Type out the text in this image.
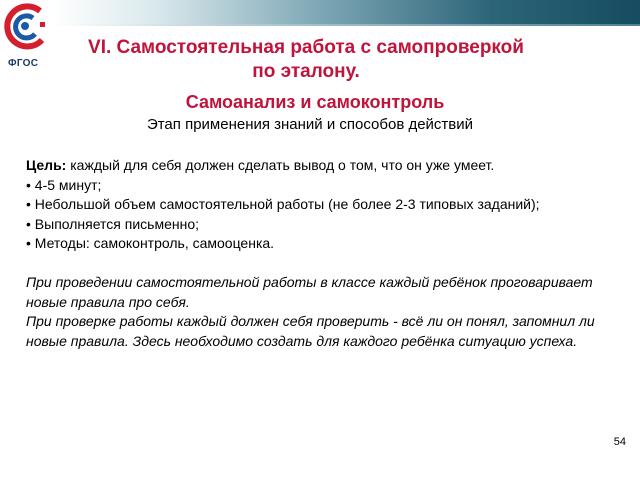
ФГОС
VI. Самостоятельная работа с самопроверкой
по эталону.
Самоанализ и самоконтроль
Этап применения знаний и способов действий

Цель: каждый для себя должен сделать вывод о том, что он уже умеет.

• 4-5 минут;

• Небольшой объем самостоятельной работы (не более 2-3 типовых заданий);

• Выполняется письменно;

• Методы: самоконтроль, самооценка.

При проведении самостоятельной работы в классе каждый ребёнок проговаривает новые правила про себя.

При проверке работы каждый должен себя проверить - всё ли он понял, запомнил ли новые правила. Здесь необходимо создать для каждого ребёнка ситуацию успеха.

54
